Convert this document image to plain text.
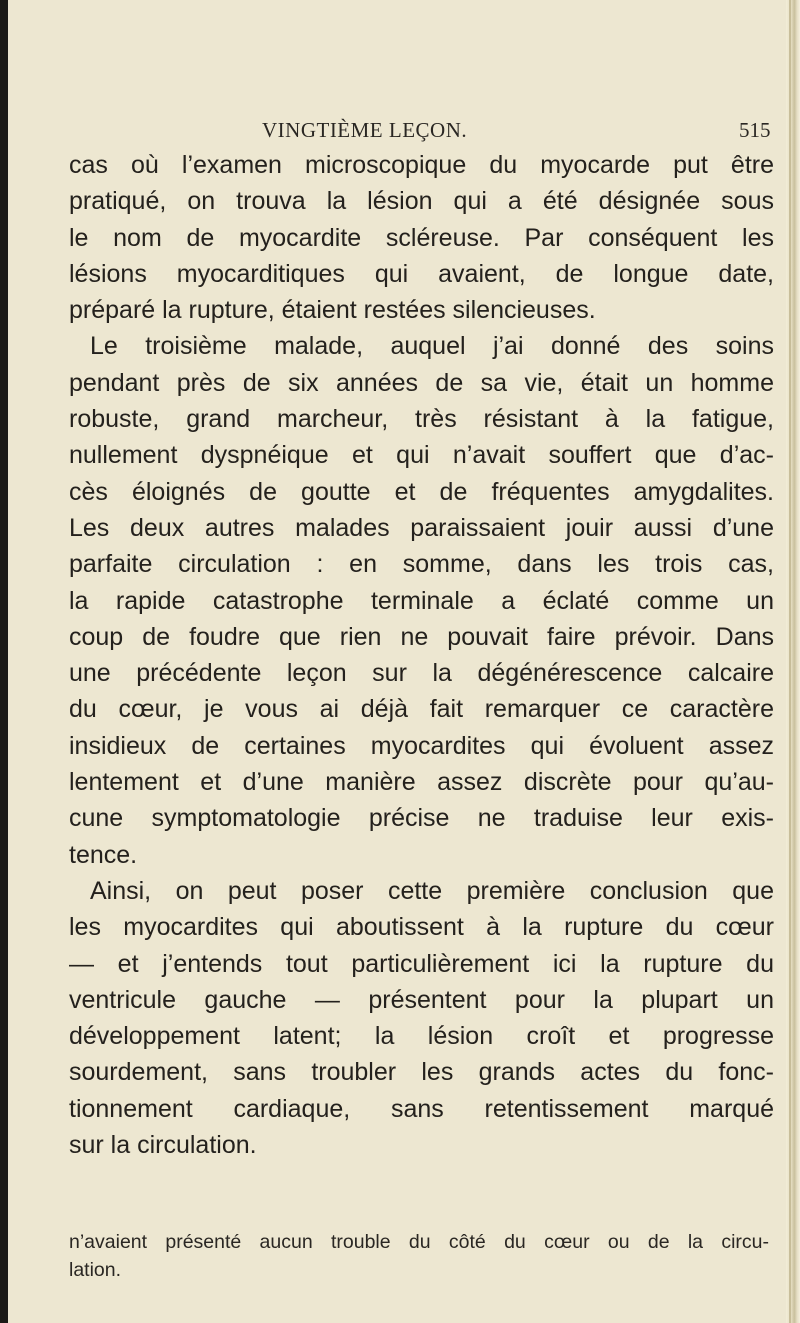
VINGTIÈME LEÇON.	515
cas où l’examen microscopique du myocarde put être
pratiqué, on trouva la lésion qui a été désignée sous
le nom de myocardite scléreuse. Par conséquent les
lésions myocarditiques qui avaient, de longue date,
préparé la rupture, étaient restées silencieuses.
Le troisième malade, auquel j’ai donné des soins
pendant près de six années de sa vie, était un homme
robuste, grand marcheur, très résistant à la fatigue,
nullement dyspnéique et qui n’avait souffert que d’ac-
cès éloignés de goutte et de fréquentes amygdalites.
Les deux autres malades paraissaient jouir aussi d’une
parfaite circulation : en somme, dans les trois cas,
la rapide catastrophe terminale a éclaté comme un
coup de foudre que rien ne pouvait faire prévoir. Dans
une précédente leçon sur la dégénérescence calcaire
du cœur, je vous ai déjà fait remarquer ce caractère
insidieux de certaines myocardites qui évoluent assez
lentement et d’une manière assez discrète pour qu’au-
cune symptomatologie précise ne traduise leur exis-
tence.
Ainsi, on peut poser cette première conclusion que
les myocardites qui aboutissent à la rupture du cœur
— et j’entends tout particulièrement ici la rupture du
ventricule gauche — présentent pour la plupart un
développement latent; la lésion croît et progresse
sourdement, sans troubler les grands actes du fonc-
tionnement cardiaque, sans retentissement marqué
sur la circulation.
n’avaient présenté aucun trouble du côté du cœur ou de la circu-
lation.
